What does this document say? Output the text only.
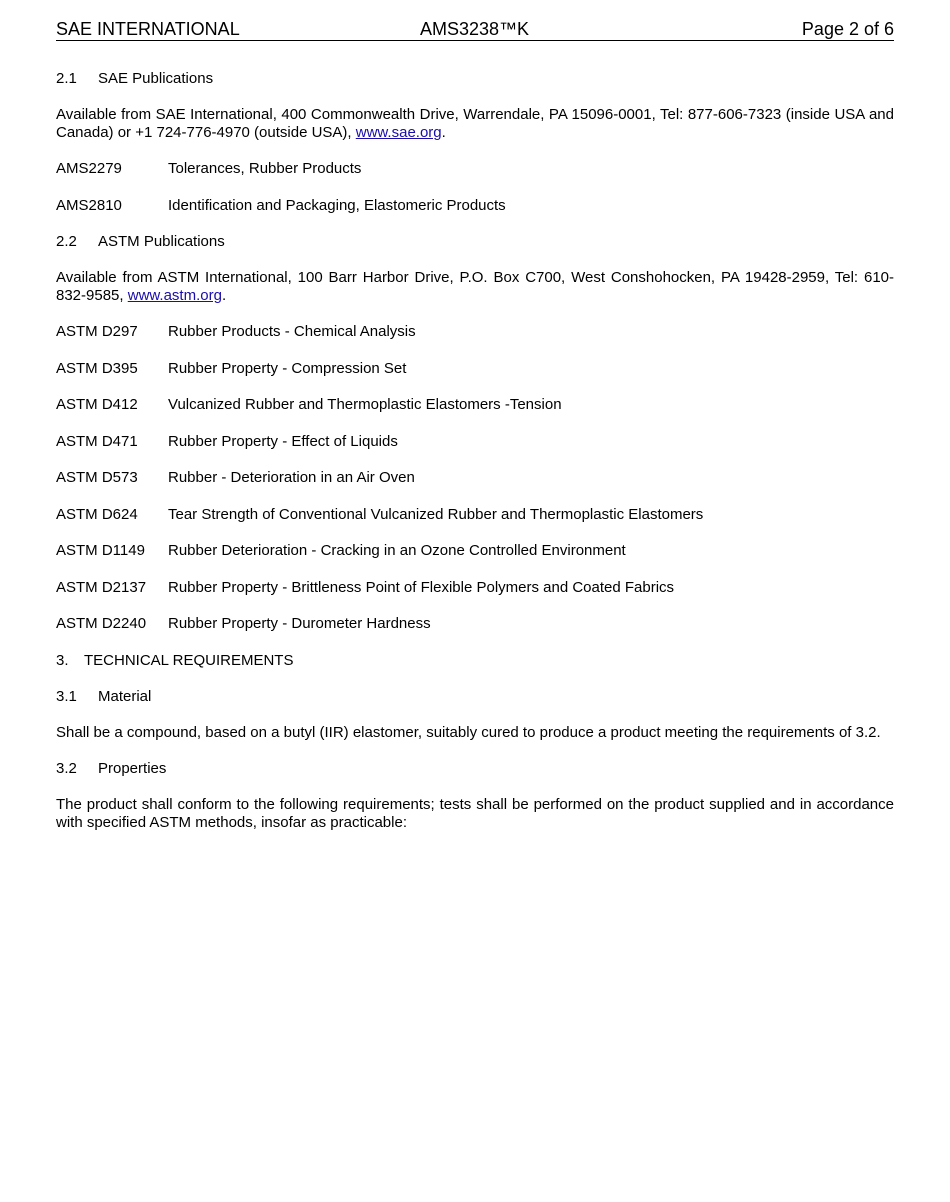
SAE INTERNATIONAL	AMS3238™K	Page 2 of 6
2.1 SAE Publications

Available from SAE International, 400 Commonwealth Drive, Warrendale, PA 15096-0001, Tel: 877-606-7323 (inside USA and Canada) or +1 724-776-4970 (outside USA), www.sae.org.

AMS2279	Tolerances, Rubber Products
AMS2810	Identification and Packaging, Elastomeric Products
2.2 ASTM Publications

Available from ASTM International, 100 Barr Harbor Drive, P.O. Box C700, West Conshohocken, PA 19428-2959, Tel: 610-832-9585, www.astm.org.

ASTM D297	Rubber Products - Chemical Analysis
ASTM D395	Rubber Property - Compression Set
ASTM D412	Vulcanized Rubber and Thermoplastic Elastomers -Tension
ASTM D471	Rubber Property - Effect of Liquids
ASTM D573	Rubber - Deterioration in an Air Oven
ASTM D624	Tear Strength of Conventional Vulcanized Rubber and Thermoplastic Elastomers
ASTM D1149	Rubber Deterioration - Cracking in an Ozone Controlled Environment
ASTM D2137	Rubber Property - Brittleness Point of Flexible Polymers and Coated Fabrics
ASTM D2240	Rubber Property - Durometer Hardness
3. TECHNICAL REQUIREMENTS
3.1 Material

Shall be a compound, based on a butyl (IIR) elastomer, suitably cured to produce a product meeting the requirements of 3.2.

3.2 Properties

The product shall conform to the following requirements; tests shall be performed on the product supplied and in accordance with specified ASTM methods, insofar as practicable:
